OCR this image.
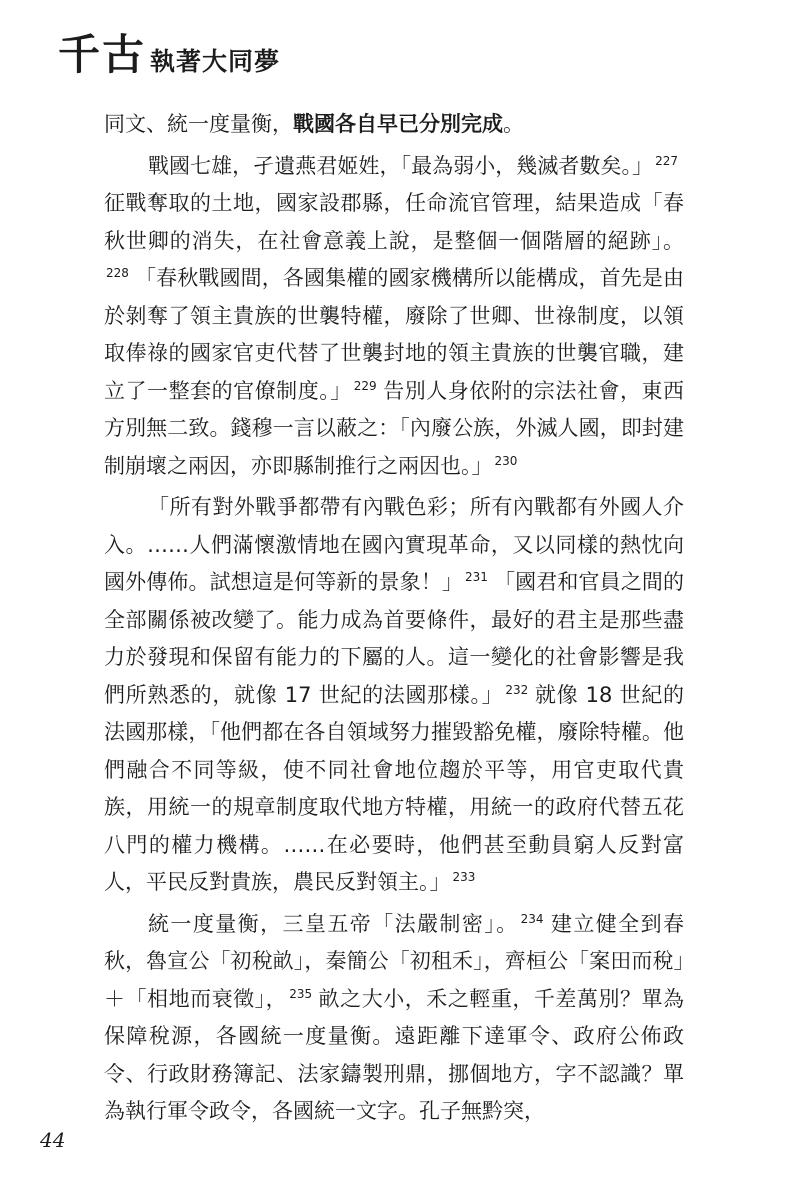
千古 執著大同夢

同文、統一度量衡，戰國各自早已分別完成。

戰國七雄，孑遺燕君姬姓，「最為弱小，幾滅者數矣。」 $^{227}$征戰奪取的土地，國家設郡縣，任命流官管理，結果造成「春秋世卿的消失，在社會意義上說，是整個一個階層的絕跡」。$^{228}$ 「春秋戰國間，各國集權的國家機構所以能構成，首先是由於剝奪了領主貴族的世襲特權，廢除了世卿、世祿制度，以領取俸祿的國家官吏代替了世襲封地的領主貴族的世襲官職，建立了一整套的官僚制度。」 $^{229}$ 告別人身依附的宗法社會，東西方別無二致。錢穆一言以蔽之：「內廢公族，外滅人國，即封建制崩壞之兩因，亦即縣制推行之兩因也。」 $^{230}$

「所有對外戰爭都帶有內戰色彩；所有內戰都有外國人介入。……人們滿懷激情地在國內實現革命，又以同樣的熱忱向國外傳佈。試想這是何等新的景象！」 $^{231}$ 「國君和官員之間的全部關係被改變了。能力成為首要條件，最好的君主是那些盡力於發現和保留有能力的下屬的人。這一變化的社會影響是我們所熟悉的，就像 17 世紀的法國那樣。」 $^{232}$ 就像 18 世紀的法國那樣，「他們都在各自領域努力摧毀豁免權，廢除特權。他們融合不同等級，使不同社會地位趨於平等，用官吏取代貴族，用統一的規章制度取代地方特權，用統一的政府代替五花八門的權力機構。……在必要時，他們甚至動員窮人反對富人，平民反對貴族，農民反對領主。」 $^{233}$

統一度量衡，三皇五帝「法嚴制密」。 $^{234}$ 建立健全到春秋，魯宣公「初稅畝」，秦簡公「初租禾」，齊桓公「案田而稅」＋「相地而衰徵」， $^{235}$ 畝之大小，禾之輕重，千差萬別？單為保障稅源，各國統一度量衡。遠距離下達軍令、政府公佈政令、行政財務簿記、法家鑄製刑鼎，挪個地方，字不認識？單為執行軍令政令，各國統一文字。孔子無黔突，

44
